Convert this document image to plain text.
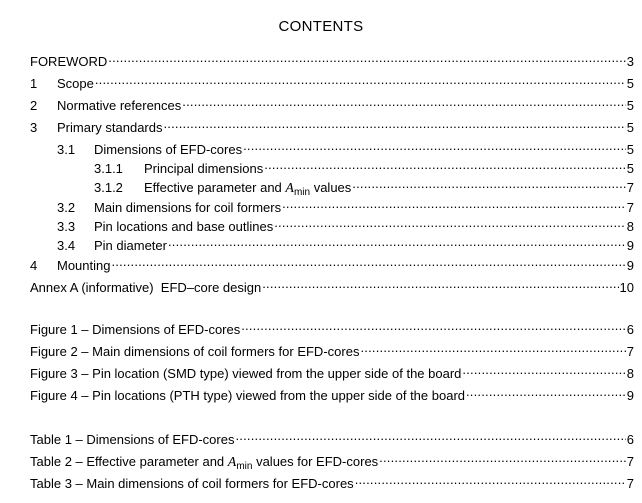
CONTENTS
FOREWORD .....	3
1	Scope .....	5
2	Normative references .....	5
3	Primary standards .....	5
3.1	Dimensions of EFD-cores .....	5
3.1.1	Principal dimensions .....	5
3.1.2	Effective parameter and $A_{min}$ values .....	7
3.2	Main dimensions for coil formers .....	7
3.3	Pin locations and base outlines .....	8
3.4	Pin diameter .....	9
4	Mounting .....	9
Annex A (informative)  EFD–core design .....	10
Figure 1 – Dimensions of EFD-cores .....	6
Figure 2 – Main dimensions of coil formers for EFD-cores .....	7
Figure 3 – Pin location (SMD type) viewed from the upper side of the board .....	8
Figure 4 – Pin locations (PTH type) viewed from the upper side of the board .....	9
Table 1 – Dimensions of EFD-cores .....	6
Table 2 – Effective parameter and $A_{min}$ values for EFD-cores .....	7
Table 3 – Main dimensions of coil formers for EFD-cores .....	7
